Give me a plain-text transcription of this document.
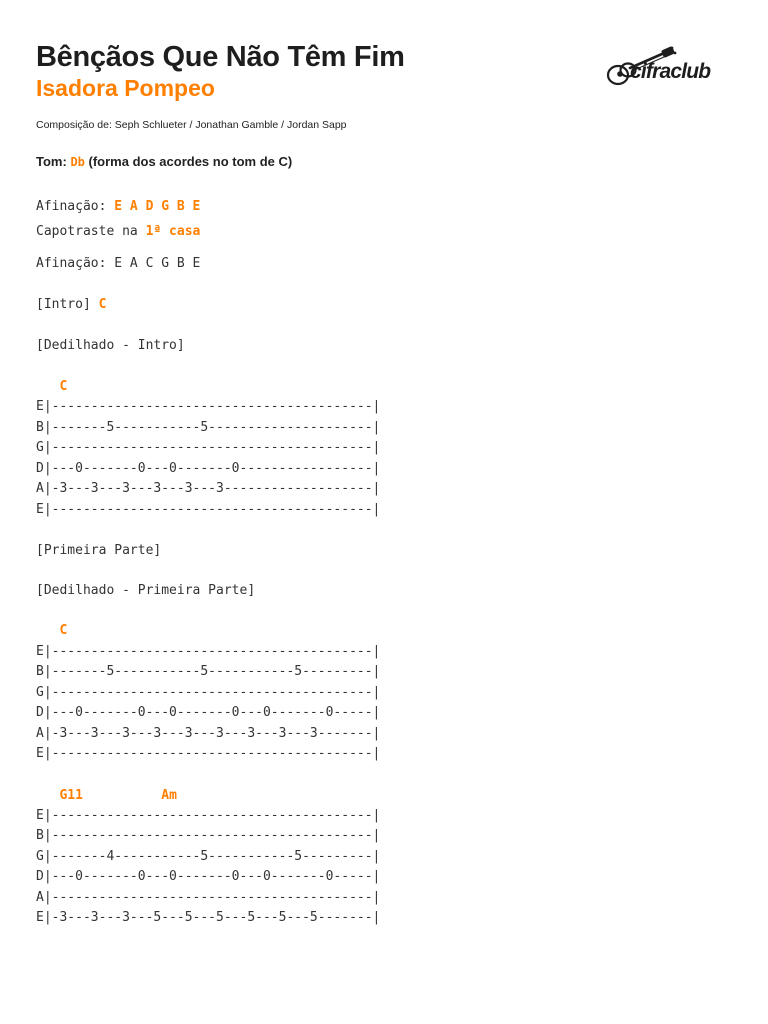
Bênçãos Que Não Têm Fim
Isadora Pompeo
Composição de: Seph Schlueter / Jonathan Gamble / Jordan Sapp
cifraclub
Tom: Db (forma dos acordes no tom de C)
Afinação: E A D G B E
Capotraste na 1ª casa
Afinação: E A C G B E
[Intro] C
[Dedilhado - Intro]
C
E|-----------------------------------------|
B|-------5-----------5---------------------|
G|-----------------------------------------|
D|---0-------0---0-------0-----------------|
A|-3---3---3---3---3---3-------------------|
E|-----------------------------------------|
[Primeira Parte]
[Dedilhado - Primeira Parte]
C
E|-----------------------------------------|
B|-------5-----------5-----------5---------|
G|-----------------------------------------|
D|---0-------0---0-------0---0-------0-----|
A|-3---3---3---3---3---3---3---3---3-------|
E|-----------------------------------------|
G11	Am
E|-----------------------------------------|
B|-----------------------------------------|
G|-------4-----------5-----------5---------|
D|---0-------0---0-------0---0-------0-----|
A|-----------------------------------------|
E|-3---3---3---5---5---5---5---5---5-------|
